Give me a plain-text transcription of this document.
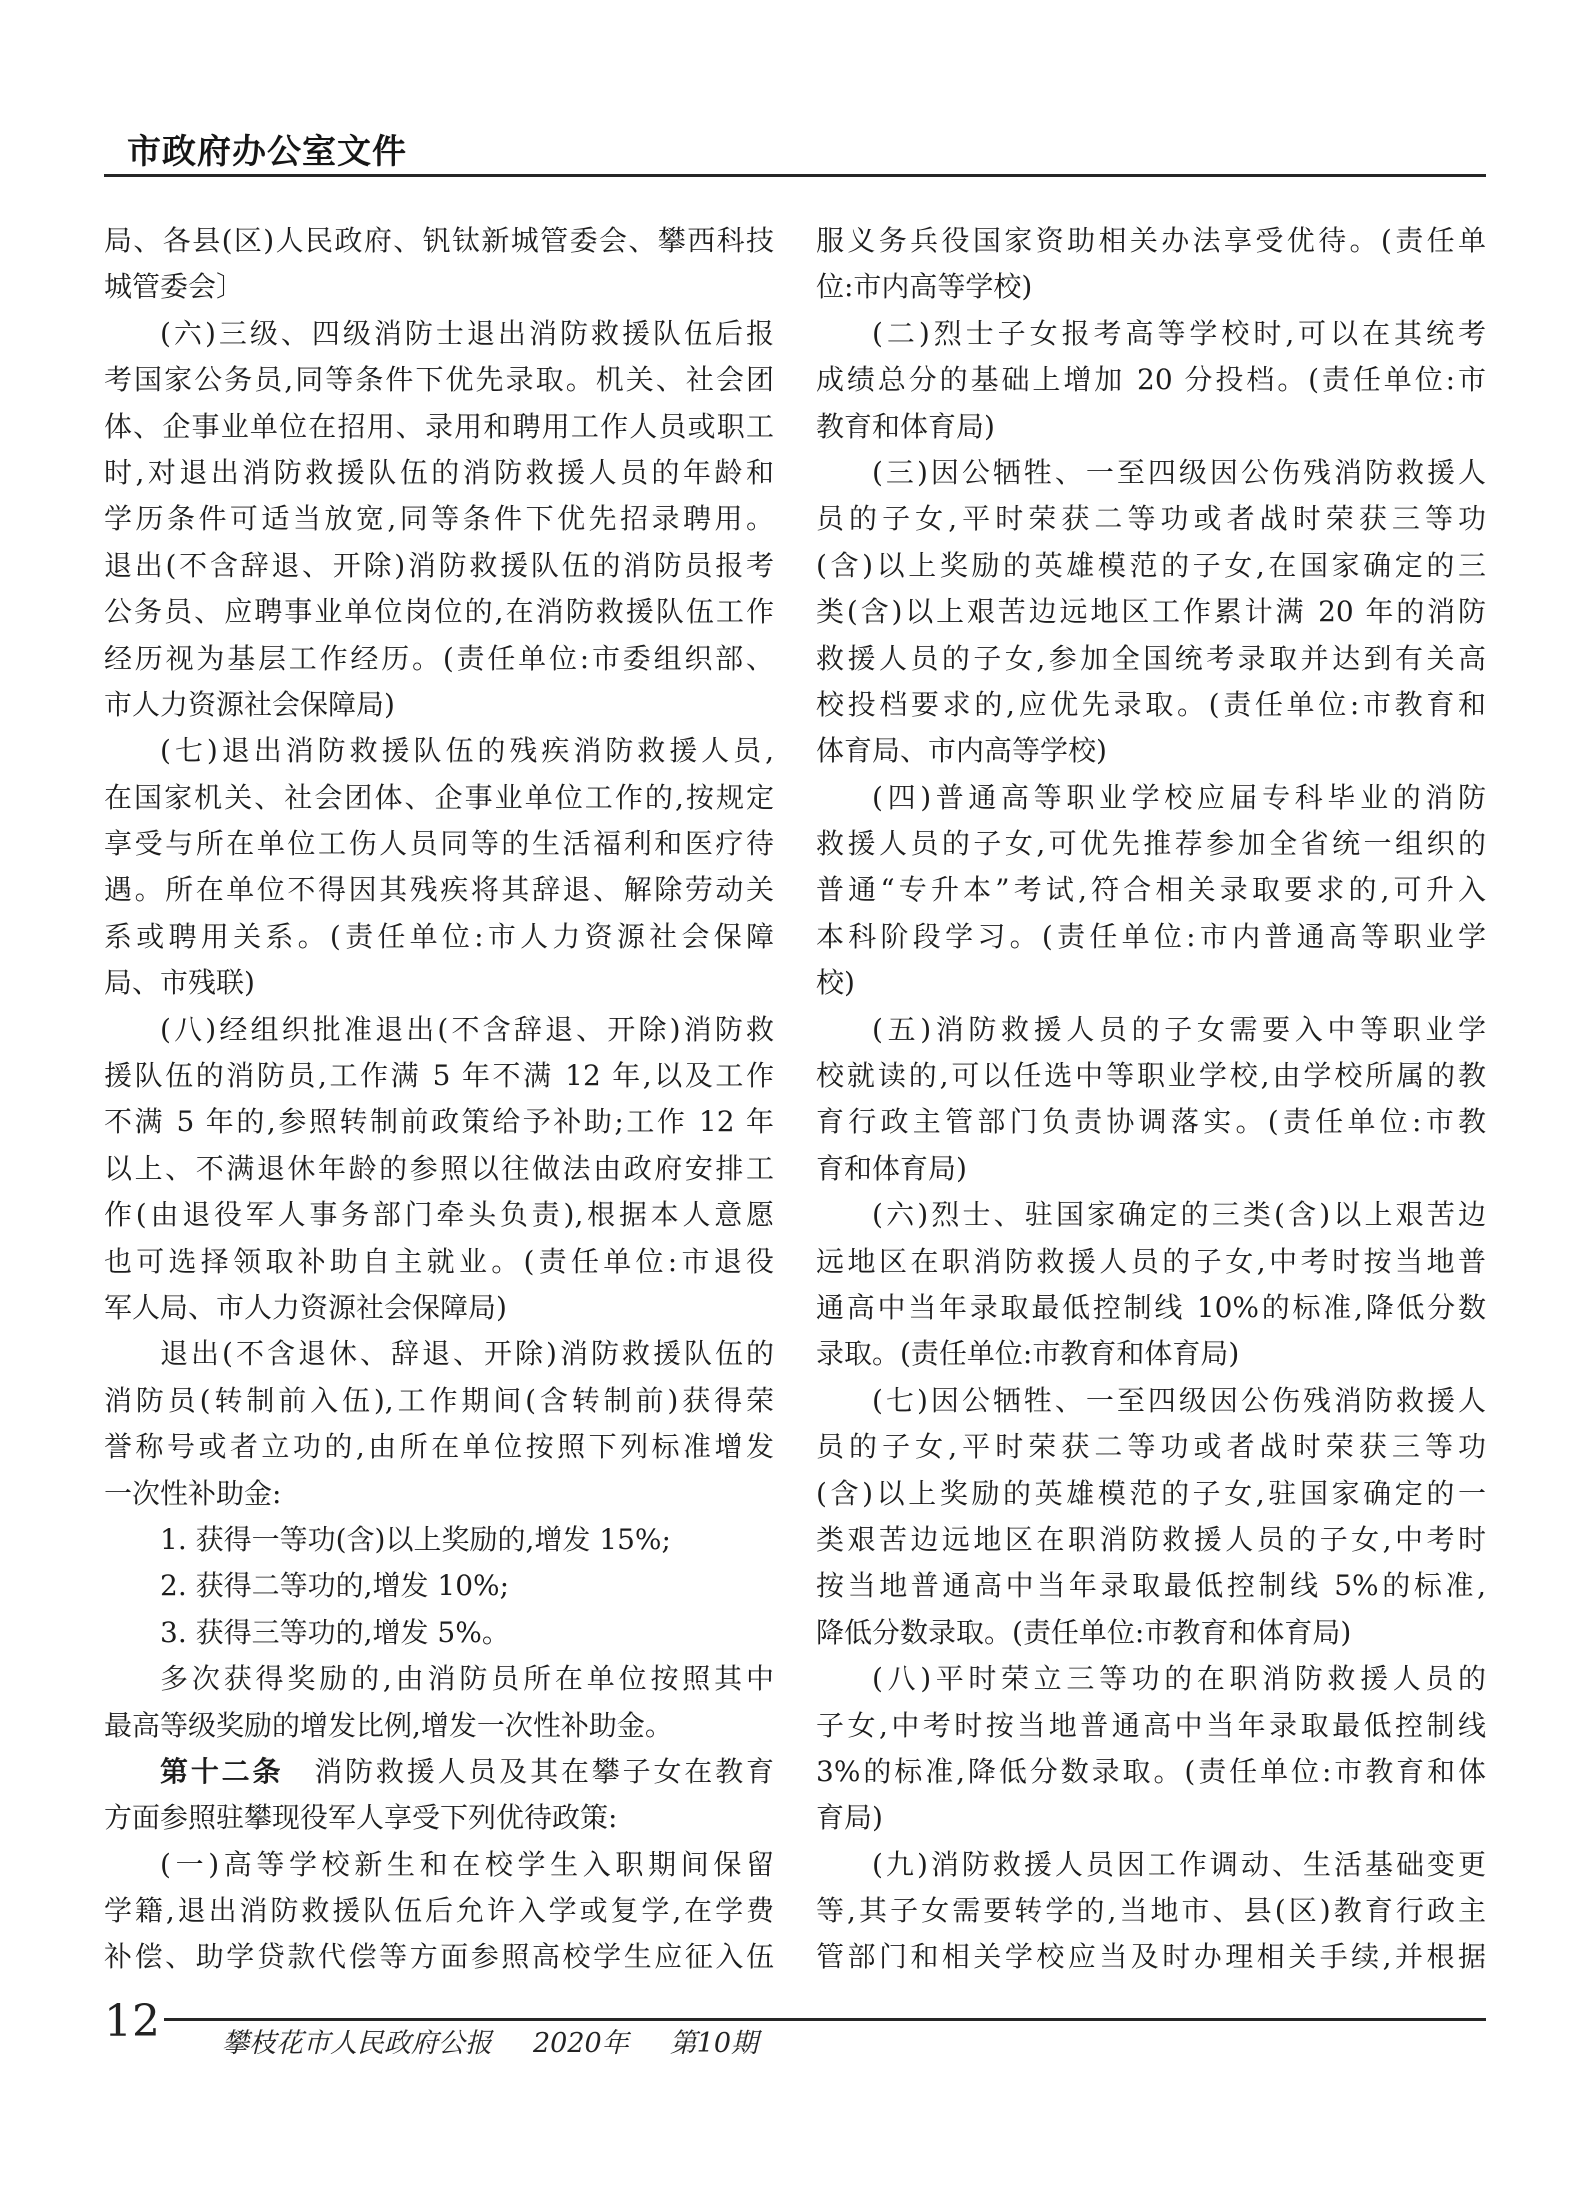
市政府办公室文件
局、各县(区)人民政府、钒钛新城管委会、攀西科技
城管委会〕
(六)三级、四级消防士退出消防救援队伍后报
考国家公务员,同等条件下优先录取。机关、社会团
体、企事业单位在招用、录用和聘用工作人员或职工
时,对退出消防救援队伍的消防救援人员的年龄和
学历条件可适当放宽,同等条件下优先招录聘用。
退出(不含辞退、开除)消防救援队伍的消防员报考
公务员、应聘事业单位岗位的,在消防救援队伍工作
经历视为基层工作经历。(责任单位:市委组织部、
市人力资源社会保障局)
(七)退出消防救援队伍的残疾消防救援人员,
在国家机关、社会团体、企事业单位工作的,按规定
享受与所在单位工伤人员同等的生活福利和医疗待
遇。所在单位不得因其残疾将其辞退、解除劳动关
系或聘用关系。(责任单位:市人力资源社会保障
局、市残联)
(八)经组织批准退出(不含辞退、开除)消防救
援队伍的消防员,工作满 5 年不满 12 年,以及工作
不满 5 年的,参照转制前政策给予补助;工作 12 年
以上、不满退休年龄的参照以往做法由政府安排工
作(由退役军人事务部门牵头负责),根据本人意愿
也可选择领取补助自主就业。(责任单位:市退役
军人局、市人力资源社会保障局)
退出(不含退休、辞退、开除)消防救援队伍的
消防员(转制前入伍),工作期间(含转制前)获得荣
誉称号或者立功的,由所在单位按照下列标准增发
一次性补助金:
1. 获得一等功(含)以上奖励的,增发 15%;
2. 获得二等功的,增发 10%;
3. 获得三等功的,增发 5%。
多次获得奖励的,由消防员所在单位按照其中
最高等级奖励的增发比例,增发一次性补助金。
第十二条　消防救援人员及其在攀子女在教育
方面参照驻攀现役军人享受下列优待政策:
(一)高等学校新生和在校学生入职期间保留
学籍,退出消防救援队伍后允许入学或复学,在学费
补偿、助学贷款代偿等方面参照高校学生应征入伍
服义务兵役国家资助相关办法享受优待。(责任单
位:市内高等学校)
(二)烈士子女报考高等学校时,可以在其统考
成绩总分的基础上增加 20 分投档。(责任单位:市
教育和体育局)
(三)因公牺牲、一至四级因公伤残消防救援人
员的子女,平时荣获二等功或者战时荣获三等功
(含)以上奖励的英雄模范的子女,在国家确定的三
类(含)以上艰苦边远地区工作累计满 20 年的消防
救援人员的子女,参加全国统考录取并达到有关高
校投档要求的,应优先录取。(责任单位:市教育和
体育局、市内高等学校)
(四)普通高等职业学校应届专科毕业的消防
救援人员的子女,可优先推荐参加全省统一组织的
普通“专升本”考试,符合相关录取要求的,可升入
本科阶段学习。(责任单位:市内普通高等职业学
校)
(五)消防救援人员的子女需要入中等职业学
校就读的,可以任选中等职业学校,由学校所属的教
育行政主管部门负责协调落实。(责任单位:市教
育和体育局)
(六)烈士、驻国家确定的三类(含)以上艰苦边
远地区在职消防救援人员的子女,中考时按当地普
通高中当年录取最低控制线 10%的标准,降低分数
录取。(责任单位:市教育和体育局)
(七)因公牺牲、一至四级因公伤残消防救援人
员的子女,平时荣获二等功或者战时荣获三等功
(含)以上奖励的英雄模范的子女,驻国家确定的一
类艰苦边远地区在职消防救援人员的子女,中考时
按当地普通高中当年录取最低控制线 5%的标准,
降低分数录取。(责任单位:市教育和体育局)
(八)平时荣立三等功的在职消防救援人员的
子女,中考时按当地普通高中当年录取最低控制线
3%的标准,降低分数录取。(责任单位:市教育和体
育局)
(九)消防救援人员因工作调动、生活基础变更
等,其子女需要转学的,当地市、县(区)教育行政主
管部门和相关学校应当及时办理相关手续,并根据
12 攀枝花市人民政府公报 2020年 第10期
